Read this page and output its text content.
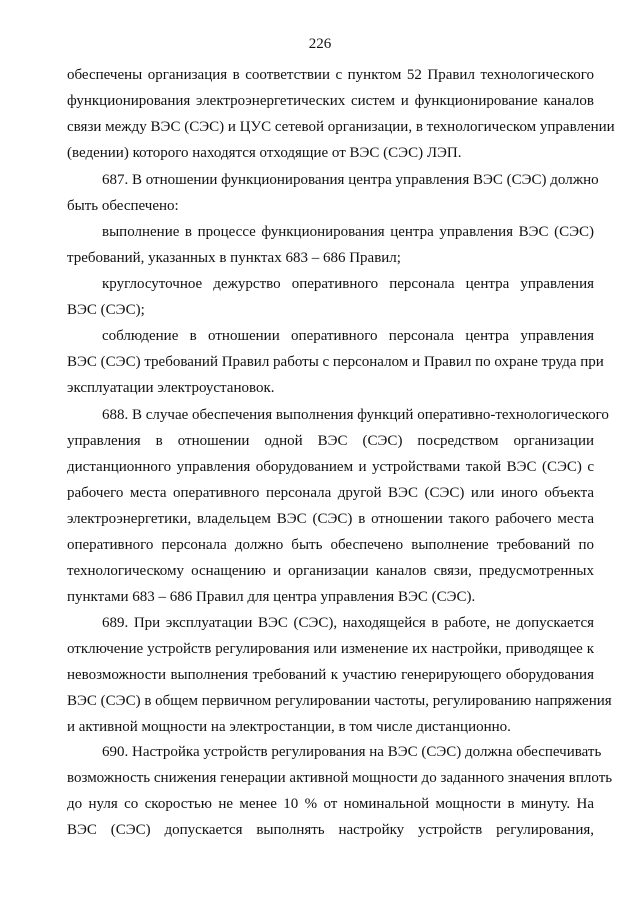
226
обеспечены организация в соответствии с пунктом 52 Правил технологического
функционирования электроэнергетических систем и функционирование каналов
связи между ВЭС (СЭС) и ЦУС сетевой организации, в технологическом управлении
(ведении) которого находятся отходящие от ВЭС (СЭС) ЛЭП.
687. В отношении функционирования центра управления ВЭС (СЭС) должно
быть обеспечено:
выполнение в процессе функционирования центра управления ВЭС (СЭС)
требований, указанных в пунктах 683 – 686 Правил;
круглосуточное дежурство оперативного персонала центра управления
ВЭС (СЭС);
соблюдение в отношении оперативного персонала центра управления
ВЭС (СЭС) требований Правил работы с персоналом и Правил по охране труда при
эксплуатации электроустановок.
688. В случае обеспечения выполнения функций оперативно-технологического
управления в отношении одной ВЭС (СЭС) посредством организации
дистанционного управления оборудованием и устройствами такой ВЭС (СЭС) с
рабочего места оперативного персонала другой ВЭС (СЭС) или иного объекта
электроэнергетики, владельцем ВЭС (СЭС) в отношении такого рабочего места
оперативного персонала должно быть обеспечено выполнение требований по
технологическому оснащению и организации каналов связи, предусмотренных
пунктами 683 – 686 Правил для центра управления ВЭС (СЭС).
689. При эксплуатации ВЭС (СЭС), находящейся в работе, не допускается
отключение устройств регулирования или изменение их настройки, приводящее к
невозможности выполнения требований к участию генерирующего оборудования
ВЭС (СЭС) в общем первичном регулировании частоты, регулированию напряжения
и активной мощности на электростанции, в том числе дистанционно.
690. Настройка устройств регулирования на ВЭС (СЭС) должна обеспечивать
возможность снижения генерации активной мощности до заданного значения вплоть
до нуля со скоростью не менее 10 % от номинальной мощности в минуту. На
ВЭС (СЭС) допускается выполнять настройку устройств регулирования,
